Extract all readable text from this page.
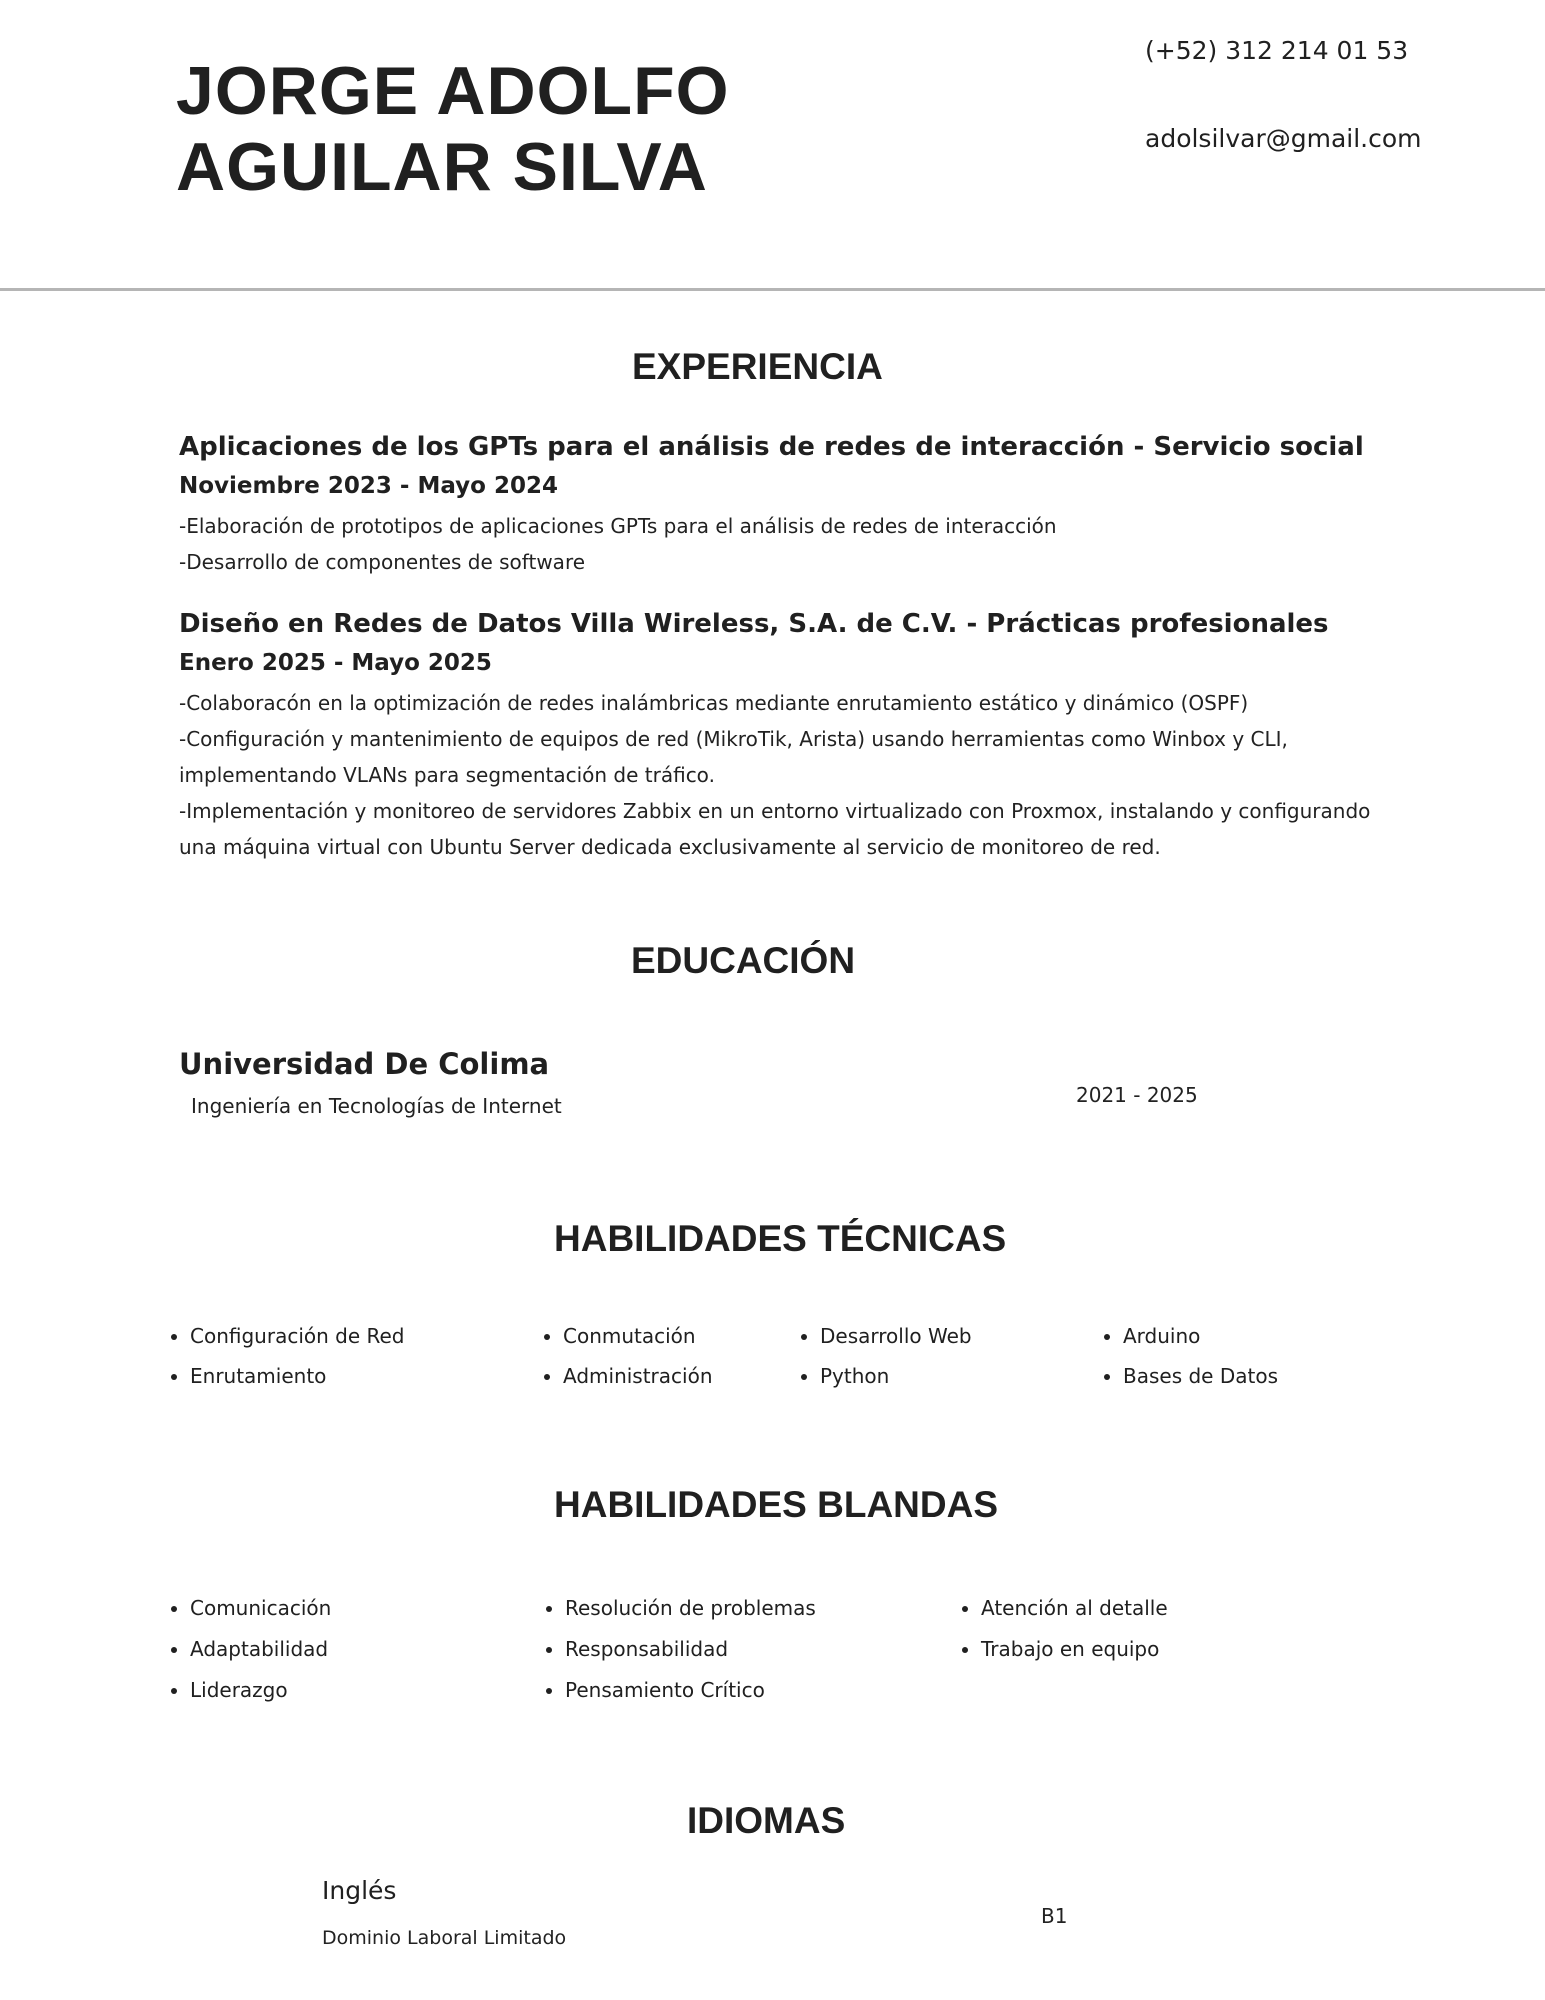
JORGE ADOLFO
AGUILAR SILVA
(+52) 312 214 01 53
adolsilvar@gmail.com
EXPERIENCIA
Aplicaciones de los GPTs para el análisis de redes de interacción - Servicio social
Noviembre 2023 - Mayo 2024
-Elaboración de prototipos de aplicaciones GPTs para el análisis de redes de interacción
-Desarrollo de componentes de software
Diseño en Redes de Datos Villa Wireless, S.A. de C.V. - Prácticas profesionales
Enero 2025 - Mayo 2025
-Colaboracón en la optimización de redes inalámbricas mediante enrutamiento estático y dinámico (OSPF)
-Configuración y mantenimiento de equipos de red (MikroTik, Arista) usando herramientas como Winbox y CLI,
implementando VLANs para segmentación de tráfico.
-Implementación y monitoreo de servidores Zabbix en un entorno virtualizado con Proxmox, instalando y configurando
una máquina virtual con Ubuntu Server dedicada exclusivamente al servicio de monitoreo de red.
EDUCACIÓN
Universidad De Colima
Ingeniería en Tecnologías de Internet	2021 - 2025
HABILIDADES TÉCNICAS
• Configuración de Red
• Enrutamiento
• Conmutación
• Administración
• Desarrollo Web
• Python
• Arduino
• Bases de Datos
HABILIDADES BLANDAS
• Comunicación
• Adaptabilidad
• Liderazgo
• Resolución de problemas
• Responsabilidad
• Pensamiento Crítico
• Atención al detalle
• Trabajo en equipo
IDIOMAS
Inglés
Dominio Laboral Limitado
B1
